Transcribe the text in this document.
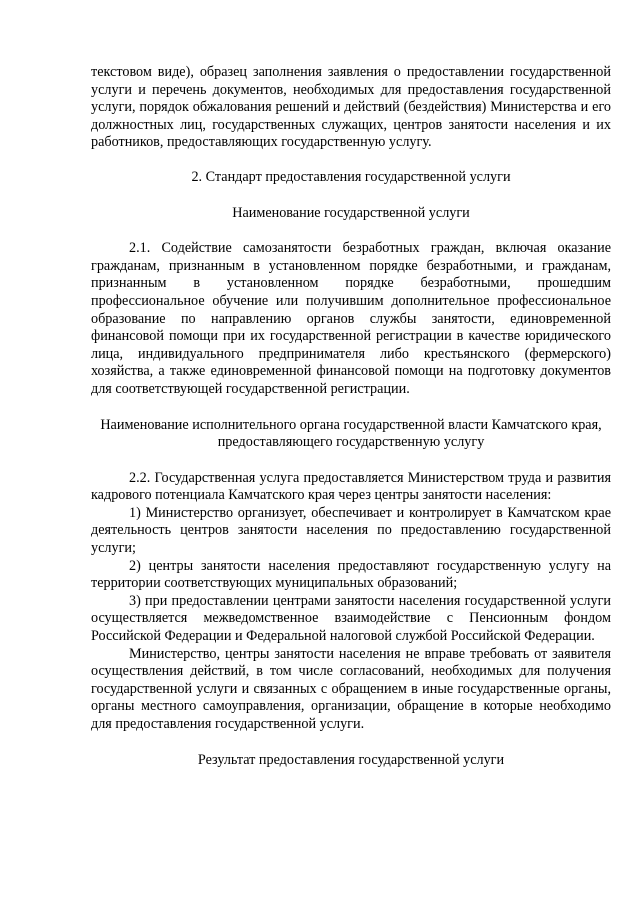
текстовом виде), образец заполнения заявления о предоставлении государственной услуги и перечень документов, необходимых для предоставления государственной услуги, порядок обжалования решений и действий (бездействия) Министерства и его должностных лиц, государственных служащих, центров занятости населения и их работников, предоставляющих государственную услугу.

2. Стандарт предоставления государственной услуги

Наименование государственной услуги

2.1. Содействие самозанятости безработных граждан, включая оказание гражданам, признанным в установленном порядке безработными, и гражданам, признанным в установленном порядке безработными, прошедшим профессиональное обучение или получившим дополнительное профессиональное образование по направлению органов службы занятости, единовременной финансовой помощи при их государственной регистрации в качестве юридического лица, индивидуального предпринимателя либо крестьянского (фермерского) хозяйства, а также единовременной финансовой помощи на подготовку документов для соответствующей государственной регистрации.

Наименование исполнительного органа государственной власти Камчатского края, предоставляющего государственную услугу

2.2. Государственная услуга предоставляется Министерством труда и развития кадрового потенциала Камчатского края через центры занятости населения:

1) Министерство организует, обеспечивает и контролирует в Камчатском крае деятельность центров занятости населения по предоставлению государственной услуги;

2) центры занятости населения предоставляют государственную услугу на территории соответствующих муниципальных образований;

3) при предоставлении центрами занятости населения государственной услуги осуществляется межведомственное взаимодействие с Пенсионным фондом Российской Федерации и Федеральной налоговой службой Российской Федерации.

Министерство, центры занятости населения не вправе требовать от заявителя осуществления действий, в том числе согласований, необходимых для получения государственной услуги и связанных с обращением в иные государственные органы, органы местного самоуправления, организации, обращение в которые необходимо для предоставления государственной услуги.

Результат предоставления государственной услуги
